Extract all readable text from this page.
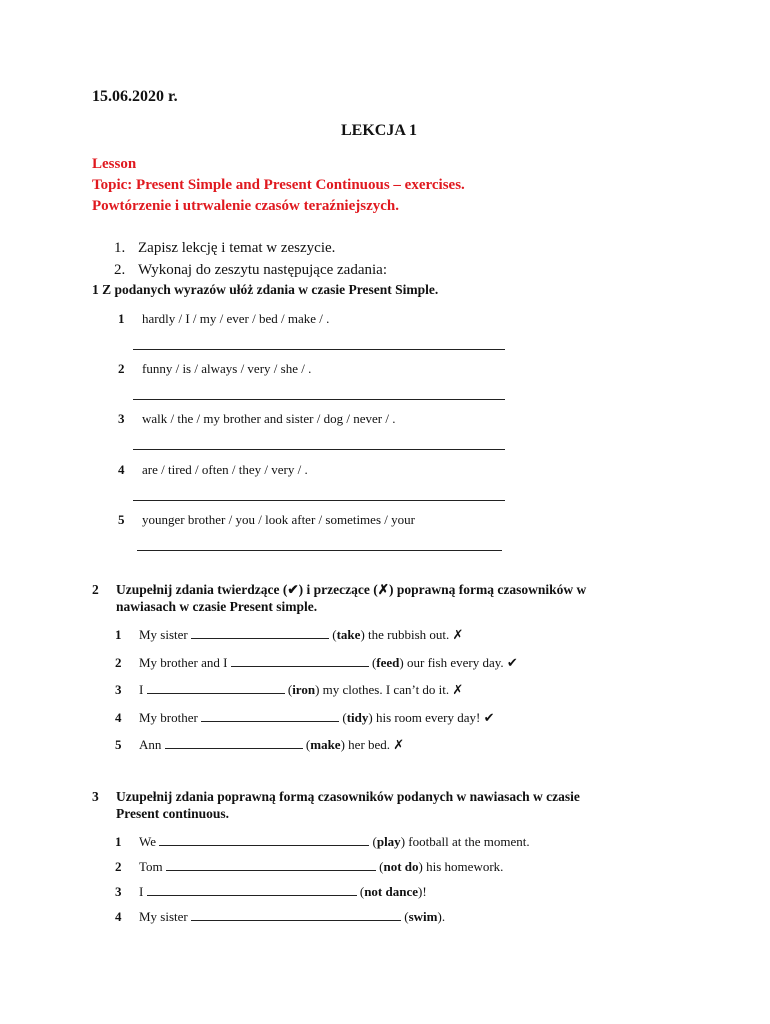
15.06.2020 r.
LEKCJA 1
Lesson
Topic: Present Simple and Present Continuous – exercises.
Powtórzenie i utrwalenie czasów teraźniejszych.
1. Zapisz lekcję i temat w zeszycie.
2. Wykonaj do zeszytu następujące zadania:
1 Z podanych wyrazów ułóż zdania w czasie Present Simple.
1 hardly / I / my / ever / bed / make / .
2 funny / is / always / very / she / .
3 walk / the / my brother and sister / dog / never / .
4 are / tired / often / they / very / .
5 younger brother / you / look after / sometimes / your
2 Uzupełnij zdania twierdzące (✔) i przeczące (✗) poprawną formą czasowników w
nawiasach w czasie Present simple.
1 My sister	(take) the rubbish out. ✗
2 My brother and I	(feed) our fish every day. ✔
3 I	(iron) my clothes. I can’t do it. ✗
4 My brother	(tidy) his room every day! ✔
5 Ann	(make) her bed. ✗
3 Uzupełnij zdania poprawną formą czasowników podanych w nawiasach w czasie
Present continuous.
1 We	(play) football at the moment.
2 Tom	(not do) his homework.
3 I	(not dance)!
4 My sister	(swim).
